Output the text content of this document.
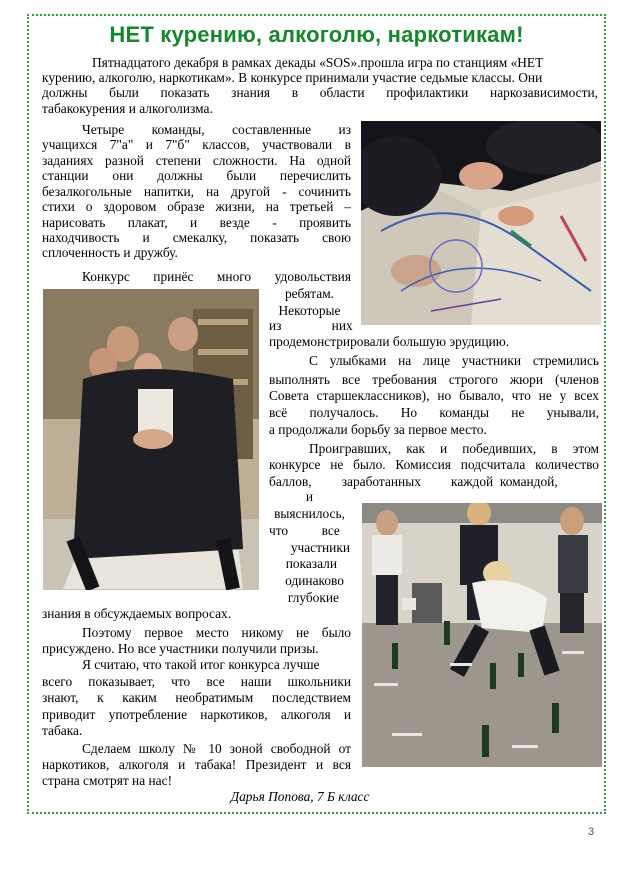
НЕТ курению, алкоголю, наркотикам!

Пятнадцатого декабря в рамках декады «SOS».прошла игра по станциям «НЕТ

курению, алкоголю, наркотикам». В конкурсе принимали участие седьмые классы. Они

должны были показать знания в области профилактики наркозависимости,

табакокурения и алкоголизма.

Четыре команды, составленные из

учащихся 7"а" и 7"б" классов, участвовали в

заданиях разной степени сложности. На одной

станции они должны были перечислить

безалкогольные напитки, на другой - сочинить

стихи о здоровом образе жизни, на третьей –

нарисовать плакат, и везде - проявить

находчивость и смекалку, показать свою

сплоченность и дружбу.

Конкурс принёс много удовольствия

ребятам.

Некоторые

из               них

продемонстрировали большую эрудицию.

С улыбками на лице участники стремились

выполнять все требования строгого жюри (членов

Совета старшеклассников), но бывало, что не у всех

всё получалось. Но команды не унывали,

а продолжали борьбу за первое место.

Проигравших, как и победивших, в этом

конкурсе не было. Комиссия подсчитала количество

баллов,         заработанных         каждой  командой,

и

выяснилось,

что          все

участники

показали

одинаково

глубокие

знания в обсуждаемых вопросах.

Поэтому первое место никому не было

присуждено. Но все участники получили призы.

Я считаю, что такой итог конкурса лучше

всего показывает, что все наши школьники

знают, к каким необратимым последствием

приводит употребление наркотиков, алкоголя и

табака.

Сделаем школу № 10 зоной свободной от

наркотиков, алкоголя и табака! Президент и вся

страна смотрят на нас!

Дарья Попова, 7 Б класс
3
